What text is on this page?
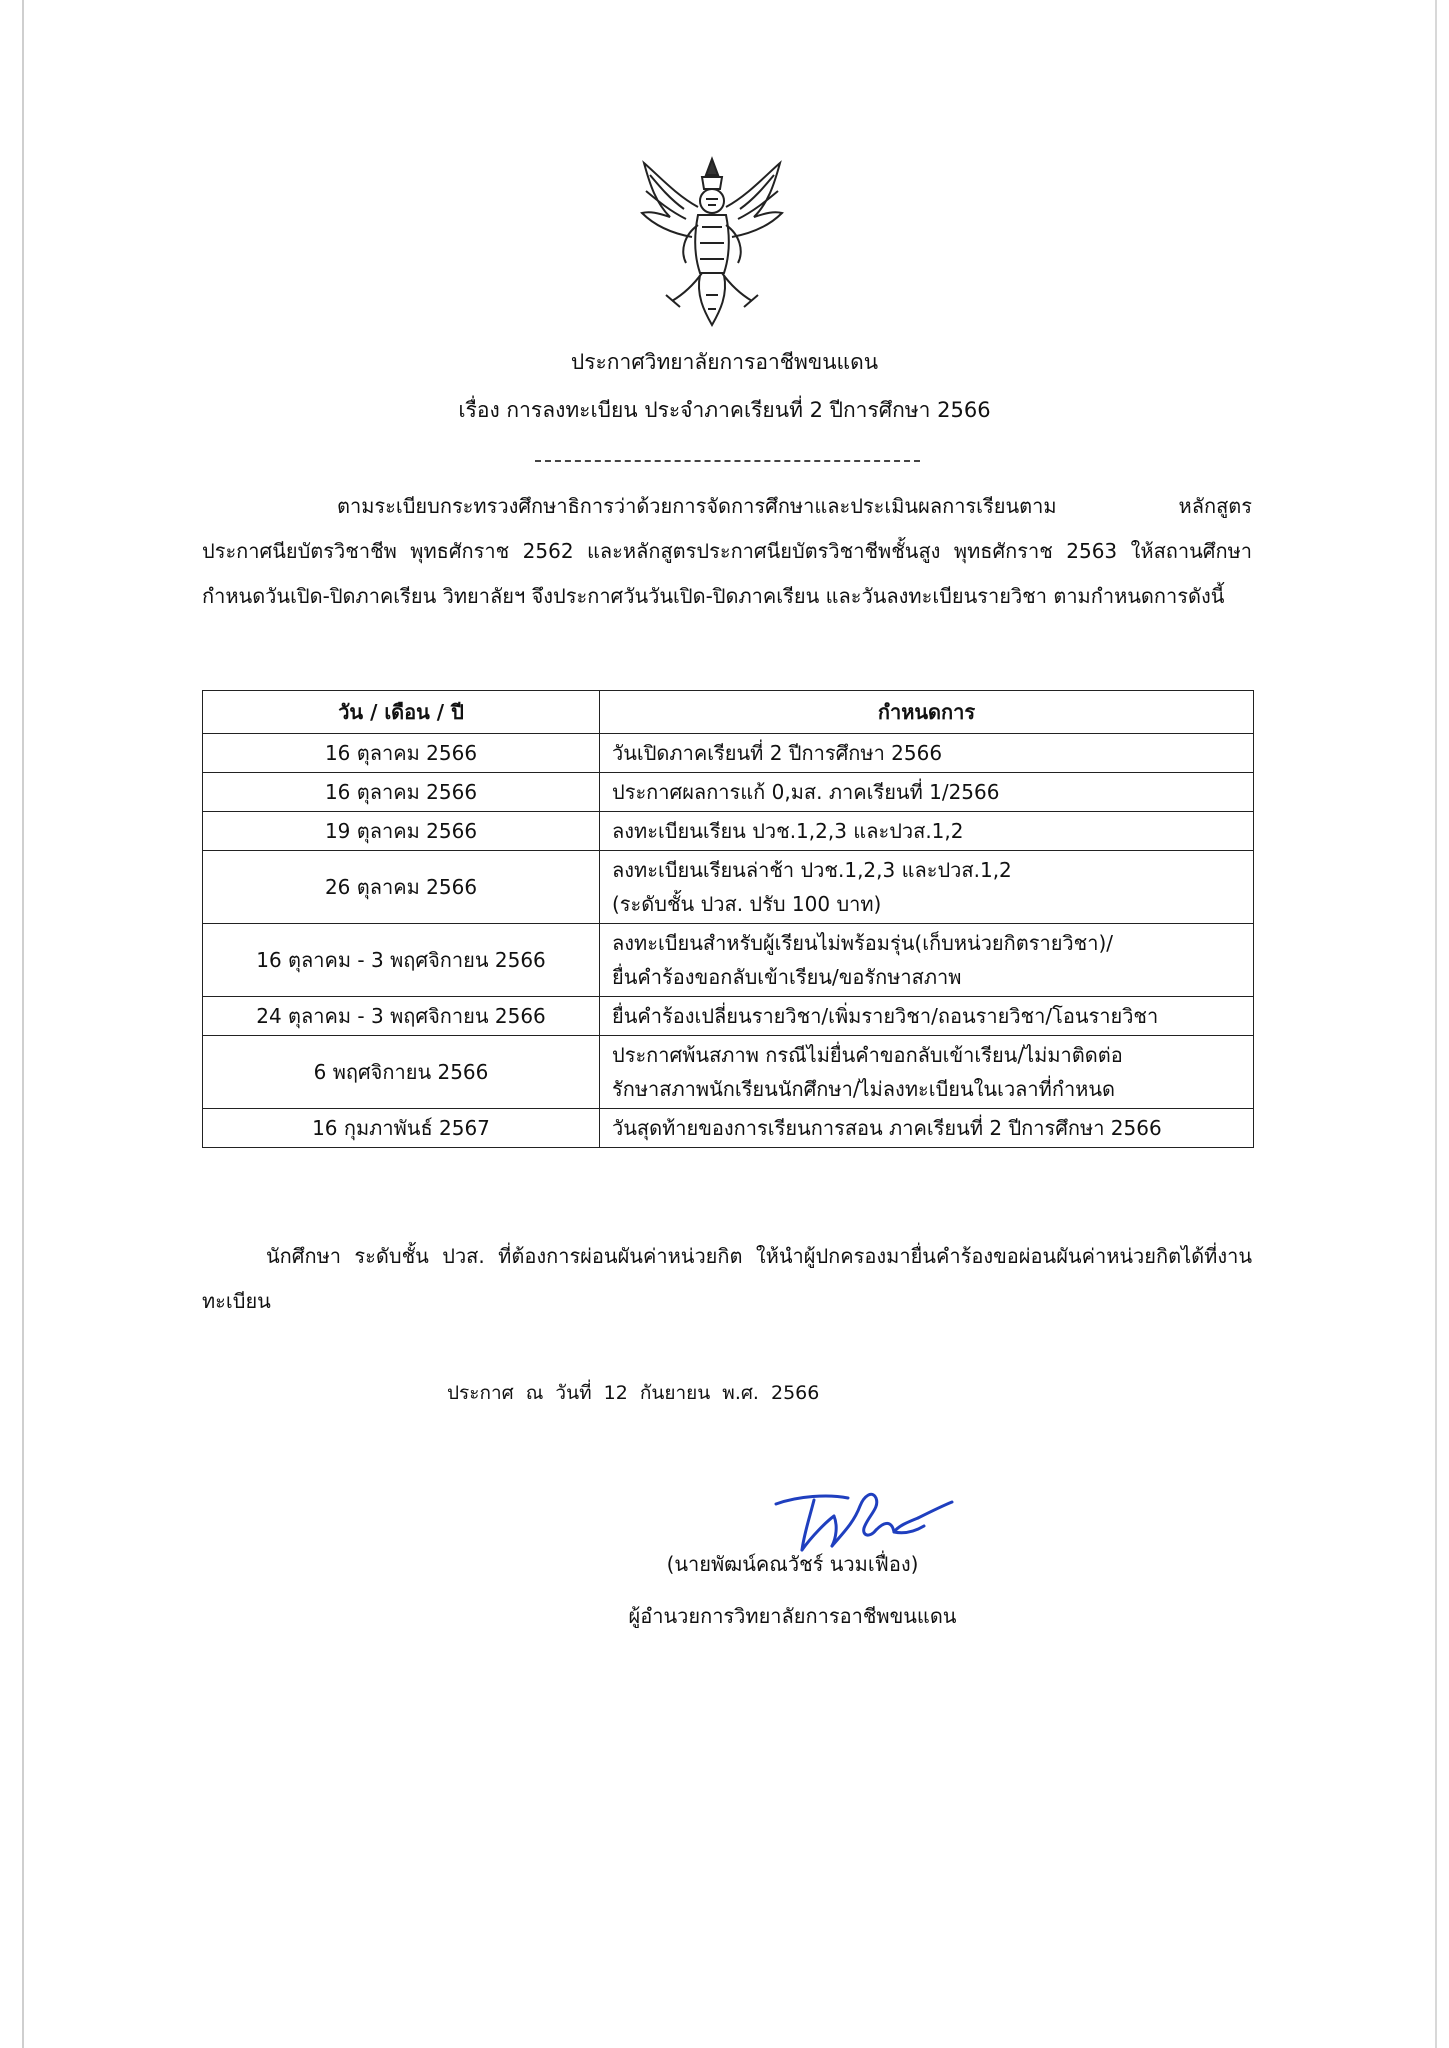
ประกาศวิทยาลัยการอาชีพขนแดน
เรื่อง การลงทะเบียน ประจำภาคเรียนที่ 2 ปีการศึกษา 2566
ตามระเบียบกระทรวงศึกษาธิการว่าด้วยการจัดการศึกษาและประเมินผลการเรียนตาม หลักสูตรประกาศนียบัตรวิชาชีพ พุทธศักราช 2562 และหลักสูตรประกาศนียบัตรวิชาชีพชั้นสูง พุทธศักราช 2563 ให้สถานศึกษากำหนดวันเปิด-ปิดภาคเรียน วิทยาลัยฯ จึงประกาศวันวันเปิด-ปิดภาคเรียน และวันลงทะเบียนรายวิชา ตามกำหนดการดังนี้
วัน / เดือน / ปี	กำหนดการ
16 ตุลาคม 2566	วันเปิดภาคเรียนที่ 2 ปีการศึกษา 2566

16 ตุลาคม 2566	ประกาศผลการแก้ 0,มส. ภาคเรียนที่ 1/2566

19 ตุลาคม 2566	ลงทะเบียนเรียน ปวช.1,2,3 และปวส.1,2

26 ตุลาคม 2566	ลงทะเบียนเรียนล่าช้า ปวช.1,2,3 และปวส.1,2
(ระดับชั้น ปวส. ปรับ 100 บาท)

16 ตุลาคม - 3 พฤศจิกายน 2566	ลงทะเบียนสำหรับผู้เรียนไม่พร้อมรุ่น(เก็บหน่วยกิตรายวิชา)/
ยื่นคำร้องขอกลับเข้าเรียน/ขอรักษาสภาพ

24 ตุลาคม - 3 พฤศจิกายน 2566	ยื่นคำร้องเปลี่ยนรายวิชา/เพิ่มรายวิชา/ถอนรายวิชา/โอนรายวิชา

6 พฤศจิกายน 2566	ประกาศพ้นสภาพ กรณีไม่ยื่นคำขอกลับเข้าเรียน/ไม่มาติดต่อ
รักษาสภาพนักเรียนนักศึกษา/ไม่ลงทะเบียนในเวลาที่กำหนด

16 กุมภาพันธ์ 2567	วันสุดท้ายของการเรียนการสอน ภาคเรียนที่ 2 ปีการศึกษา 2566
นักศึกษา ระดับชั้น ปวส. ที่ต้องการผ่อนผันค่าหน่วยกิต ให้นำผู้ปกครองมายื่นคำร้องขอผ่อนผันค่าหน่วยกิตได้ที่งานทะเบียน
ประกาศ ณ วันที่ 12 กันยายน พ.ศ. 2566
(นายพัฒน์คณวัชร์ นวมเฟื่อง)
ผู้อำนวยการวิทยาลัยการอาชีพขนแดน
